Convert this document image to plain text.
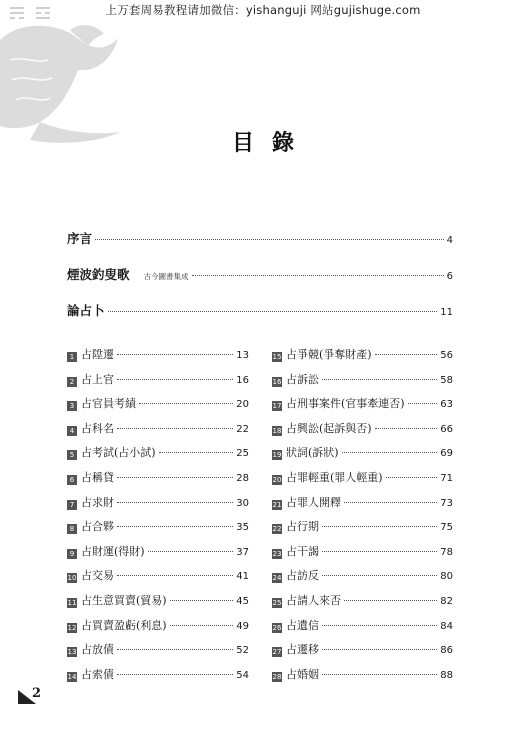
上万套周易教程请加微信：yishanguji 网站gujishuge.com
目錄
序言	4
煙波釣叟歌 古今圖書集成	6
論占卜	11
1 占陞遷	13
2 占上官	16
3 占官員考績	20
4 占科名	22
5 占考試(占小試)	25
6 占稱貸	28
7 占求財	30
8 占合夥	35
9 占財運(得財)	37
10 占交易	41
11 占生意買賣(貿易)	45
12 占買賣盈虧(利息)	49
13 占放債	52
14 占索債	54
15 占爭競(爭奪財產)	56
16 占訴訟	58
17 占刑事案件(官事牽連否)	63
18 占興訟(起訴與否)	66
19 狀詞(訴狀)	69
20 占罪輕重(罪人輕重)	71
21 占罪人開釋	73
22 占行期	75
23 占干謁	78
24 占訪反	80
25 占請人來否	82
26 占遺信	84
27 占遷移	86
28 占婚姻	88
2
